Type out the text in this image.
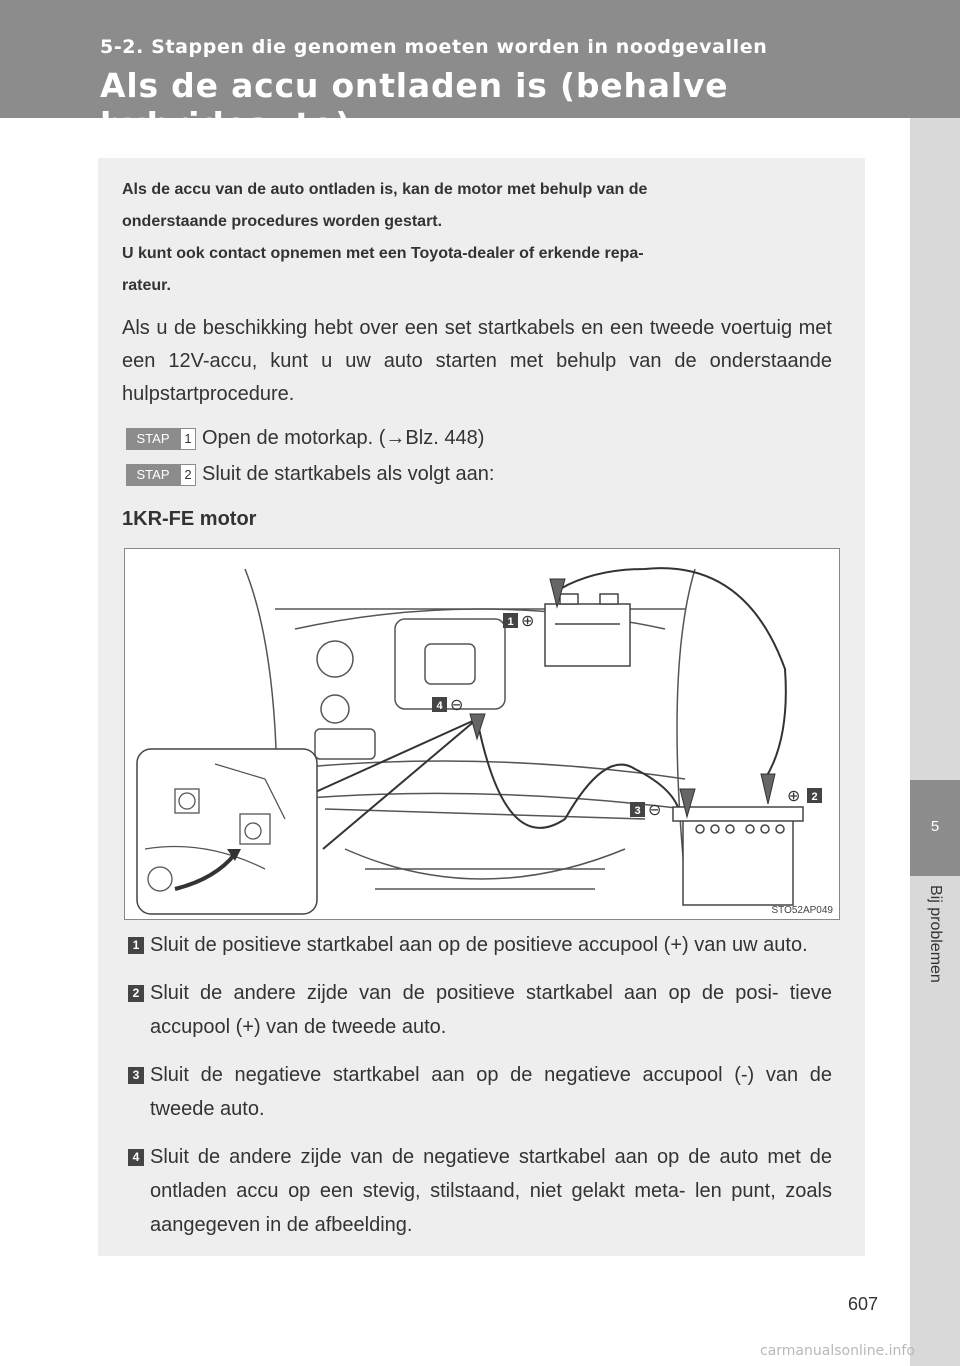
5-2. Stappen die genomen moeten worden in noodgevallen
Als de accu ontladen is (behalve hybrideauto)
5
Bij problemen
Als de accu van de auto ontladen is, kan de motor met behulp van de
onderstaande procedures worden gestart.
U kunt ook contact opnemen met een Toyota-dealer of erkende repa-
rateur.
Als u de beschikking hebt over een set startkabels en een tweede voertuig met een 12V-accu, kunt u uw auto starten met behulp van de onderstaande hulpstartprocedure.
STAP	1 Open de motorkap. (→Blz. 448)
STAP	2 Sluit de startkabels als volgt aan:
1KR-FE motor
1 ⊕
2
⊕
3 ⊖
4 ⊖
STO52AP049
1 Sluit de positieve startkabel aan op de positieve accupool (+) van uw auto.
2 Sluit de andere zijde van de positieve startkabel aan op de posi- tieve accupool (+) van de tweede auto.
3 Sluit de negatieve startkabel aan op de negatieve accupool (-) van de tweede auto.
4 Sluit de andere zijde van de negatieve startkabel aan op de auto met de ontladen accu op een stevig, stilstaand, niet gelakt meta- len punt, zoals aangegeven in de afbeelding.
607
carmanualsonline.info
